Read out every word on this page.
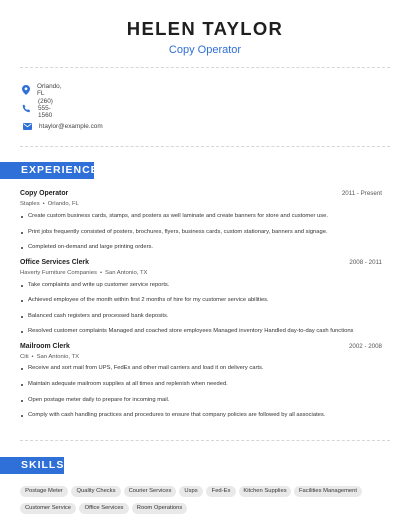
HELEN TAYLOR
Copy Operator
Orlando, FL
(260) 555-1560
htaylor@example.com
EXPERIENCE
Copy Operator	2011 - Present
Staples • Orlando, FL
Create custom business cards, stamps, and posters as well laminate and create banners for store and customer use.
Print jobs frequently consisted of posters, brochures, flyers, business cards, custom stationary, banners and signage.
Completed on-demand and large printing orders.
Office Services Clerk	2008 - 2011
Haverty Furniture Companies • San Antonio, TX
Take complaints and write up customer service reports.
Achieved employee of the month within first 2 months of hire for my customer service abilities.
Balanced cash registers and processed bank deposits.
Resolved customer complaints Managed and coached store employees Managed inventory Handled day-to-day cash functions
Mailroom Clerk	2002 - 2008
Citi • San Antonio, TX
Receive and sort mail from UPS, FedEx and other mail carriers and load it on delivery carts.
Maintain adequate mailroom supplies at all times and replenish when needed.
Open postage meter daily to prepare for incoming mail.
Comply with cash handling practices and procedures to ensure that company policies are followed by all associates.
SKILLS
Postage Meter	Quality Checks	Courier Services	Usps	Fed-Ex	Kitchen Supplies	Facilities Management
Customer Service	Office Services	Room Operations
